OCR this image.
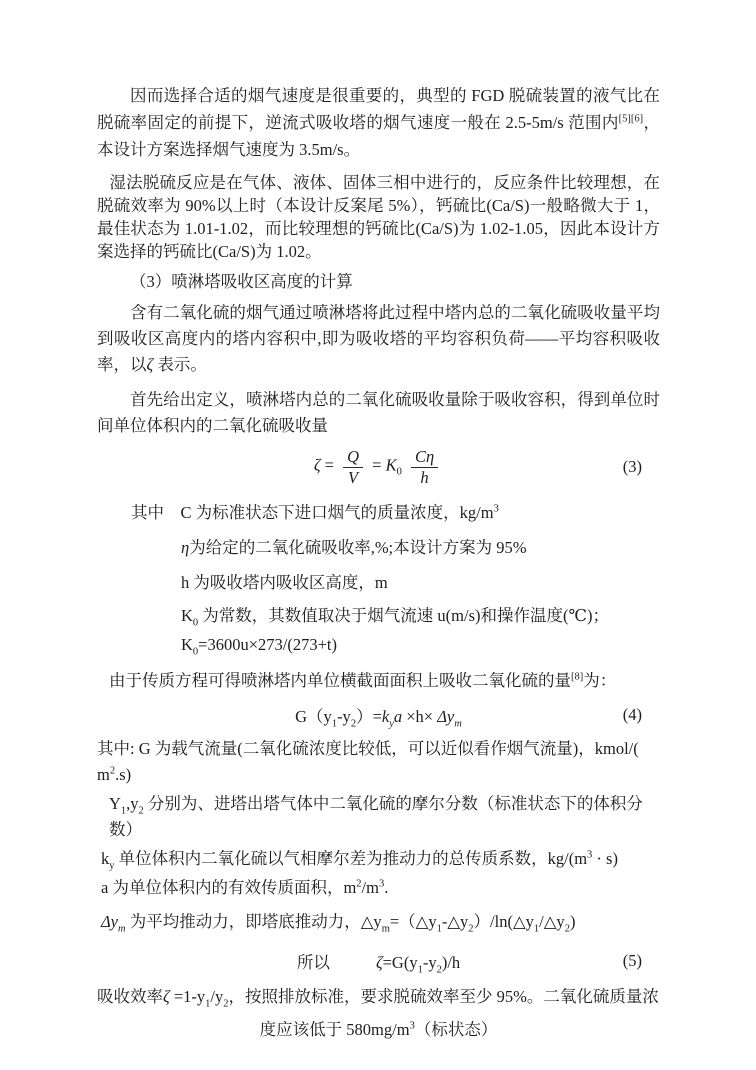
因而选择合适的烟气速度是很重要的，典型的 FGD 脱硫装置的液气比在脱硫率固定的前提下，逆流式吸收塔的烟气速度一般在 2.5-5m/s 范围内[5][6]，本设计方案选择烟气速度为 3.5m/s。

湿法脱硫反应是在气体、液体、固体三相中进行的，反应条件比较理想，在脱硫效率为 90%以上时（本设计反案尾 5%），钙硫比(Ca/S)一般略微大于 1，最佳状态为 1.01-1.02，而比较理想的钙硫比(Ca/S)为 1.02-1.05，因此本设计方案选择的钙硫比(Ca/S)为 1.02。

（3）喷淋塔吸收区高度的计算

含有二氧化硫的烟气通过喷淋塔将此过程中塔内总的二氧化硫吸收量平均到吸收区高度内的塔内容积中,即为吸收塔的平均容积负荷——平均容积吸收率，以ζ 表示。

首先给出定义，喷淋塔内总的二氧化硫吸收量除于吸收容积，得到单位时间单位体积内的二氧化硫吸收量

$\zeta = \frac{Q}{V} = K_0 \frac{C\eta}{h}$	(3)

其中　C 为标准状态下进口烟气的质量浓度，$kg/m^3$

η为给定的二氧化硫吸收率,%;本设计方案为 95%

h 为吸收塔内吸收区高度，m

$K_0$ 为常数，其数值取决于烟气流速 u(m/s)和操作温度(℃)；

$K_0=3600u\times 273/(273+t)$

由于传质方程可得喷淋塔内单位横截面面积上吸收二氧化硫的量[8]为：

$G(y_1-y_2)=k_ya \times h\times \Delta y_m$	(4)

其中: G 为载气流量(二氧化硫浓度比较低，可以近似看作烟气流量)，kmol/( $m^2.s$)

$Y_1,y_2$ 分别为、进塔出塔气体中二氧化硫的摩尔分数（标准状态下的体积分数）

$k_y$ 单位体积内二氧化硫以气相摩尔差为推动力的总传质系数，$kg/(m^3 \cdot s)$

a 为单位体积内的有效传质面积，$m^2/m^3$.

$\Delta y_m$ 为平均推动力，即塔底推动力，$\triangle y_m=(\triangle y_1-\triangle y_2)/\ln(\triangle y_1/\triangle y_2)$

所以	$\zeta=G(y_1-y_2)/h$	(5)

吸收效率$\zeta =1-y_1/y_2$，按照排放标准，要求脱硫效率至少 95%。二氧化硫质量浓

度应该低于 $580mg/m^3$（标状态）
